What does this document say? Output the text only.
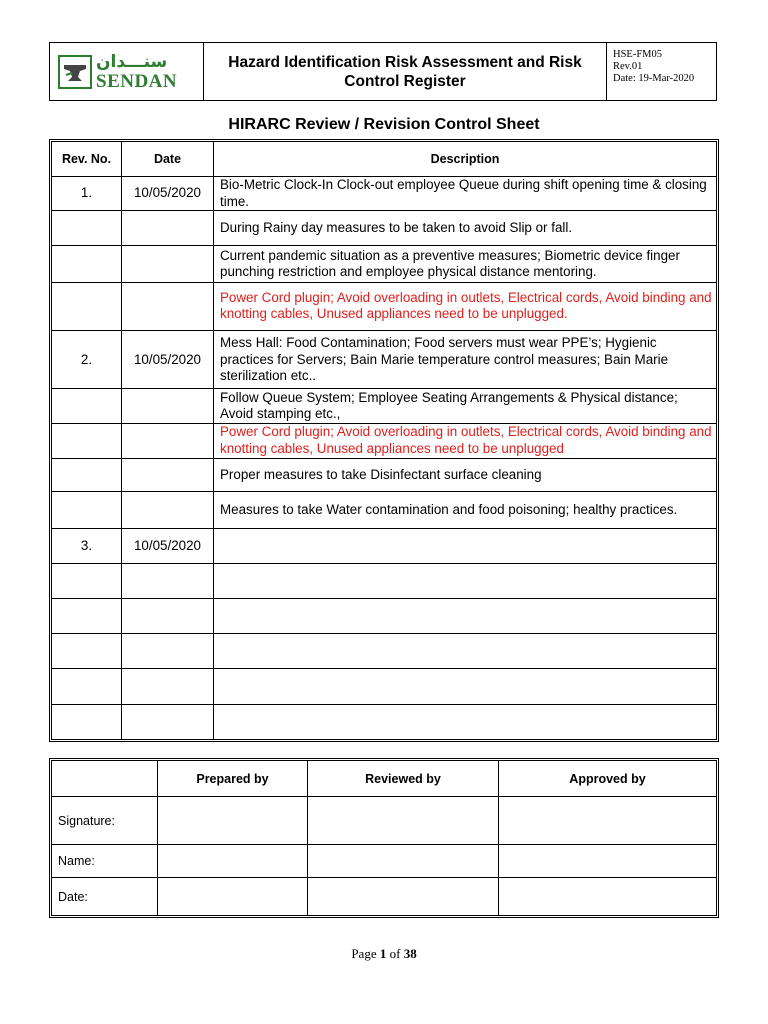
سنـــدان
SENDAN
Hazard Identification Risk Assessment and Risk Control Register
HSE-FM05
Rev.01
Date: 19-Mar-2020
HIRARC Review / Revision Control Sheet
Rev. No.	Date	Description
1.	10/05/2020	Bio-Metric Clock-In Clock-out employee Queue during shift opening time & closing time.
		During Rainy day measures to be taken to avoid Slip or fall.
		Current pandemic situation as a preventive measures; Biometric device finger punching restriction and employee physical distance mentoring.
		Power Cord plugin; Avoid overloading in outlets, Electrical cords, Avoid binding and knotting cables, Unused appliances need to be unplugged.
2.	10/05/2020	Mess Hall: Food Contamination; Food servers must wear PPE’s; Hygienic practices for Servers; Bain Marie temperature control measures; Bain Marie sterilization etc..
		Follow Queue System; Employee Seating Arrangements & Physical distance; Avoid stamping etc.,
		Power Cord plugin; Avoid overloading in outlets, Electrical cords, Avoid binding and knotting cables, Unused appliances need to be unplugged
		Proper measures to take Disinfectant surface cleaning
		Measures to take Water contamination and food poisoning; healthy practices.
3.	10/05/2020	

	Prepared by	Reviewed by	Approved by
Signature:			
Name:			
Date:			
Page 1 of 38
